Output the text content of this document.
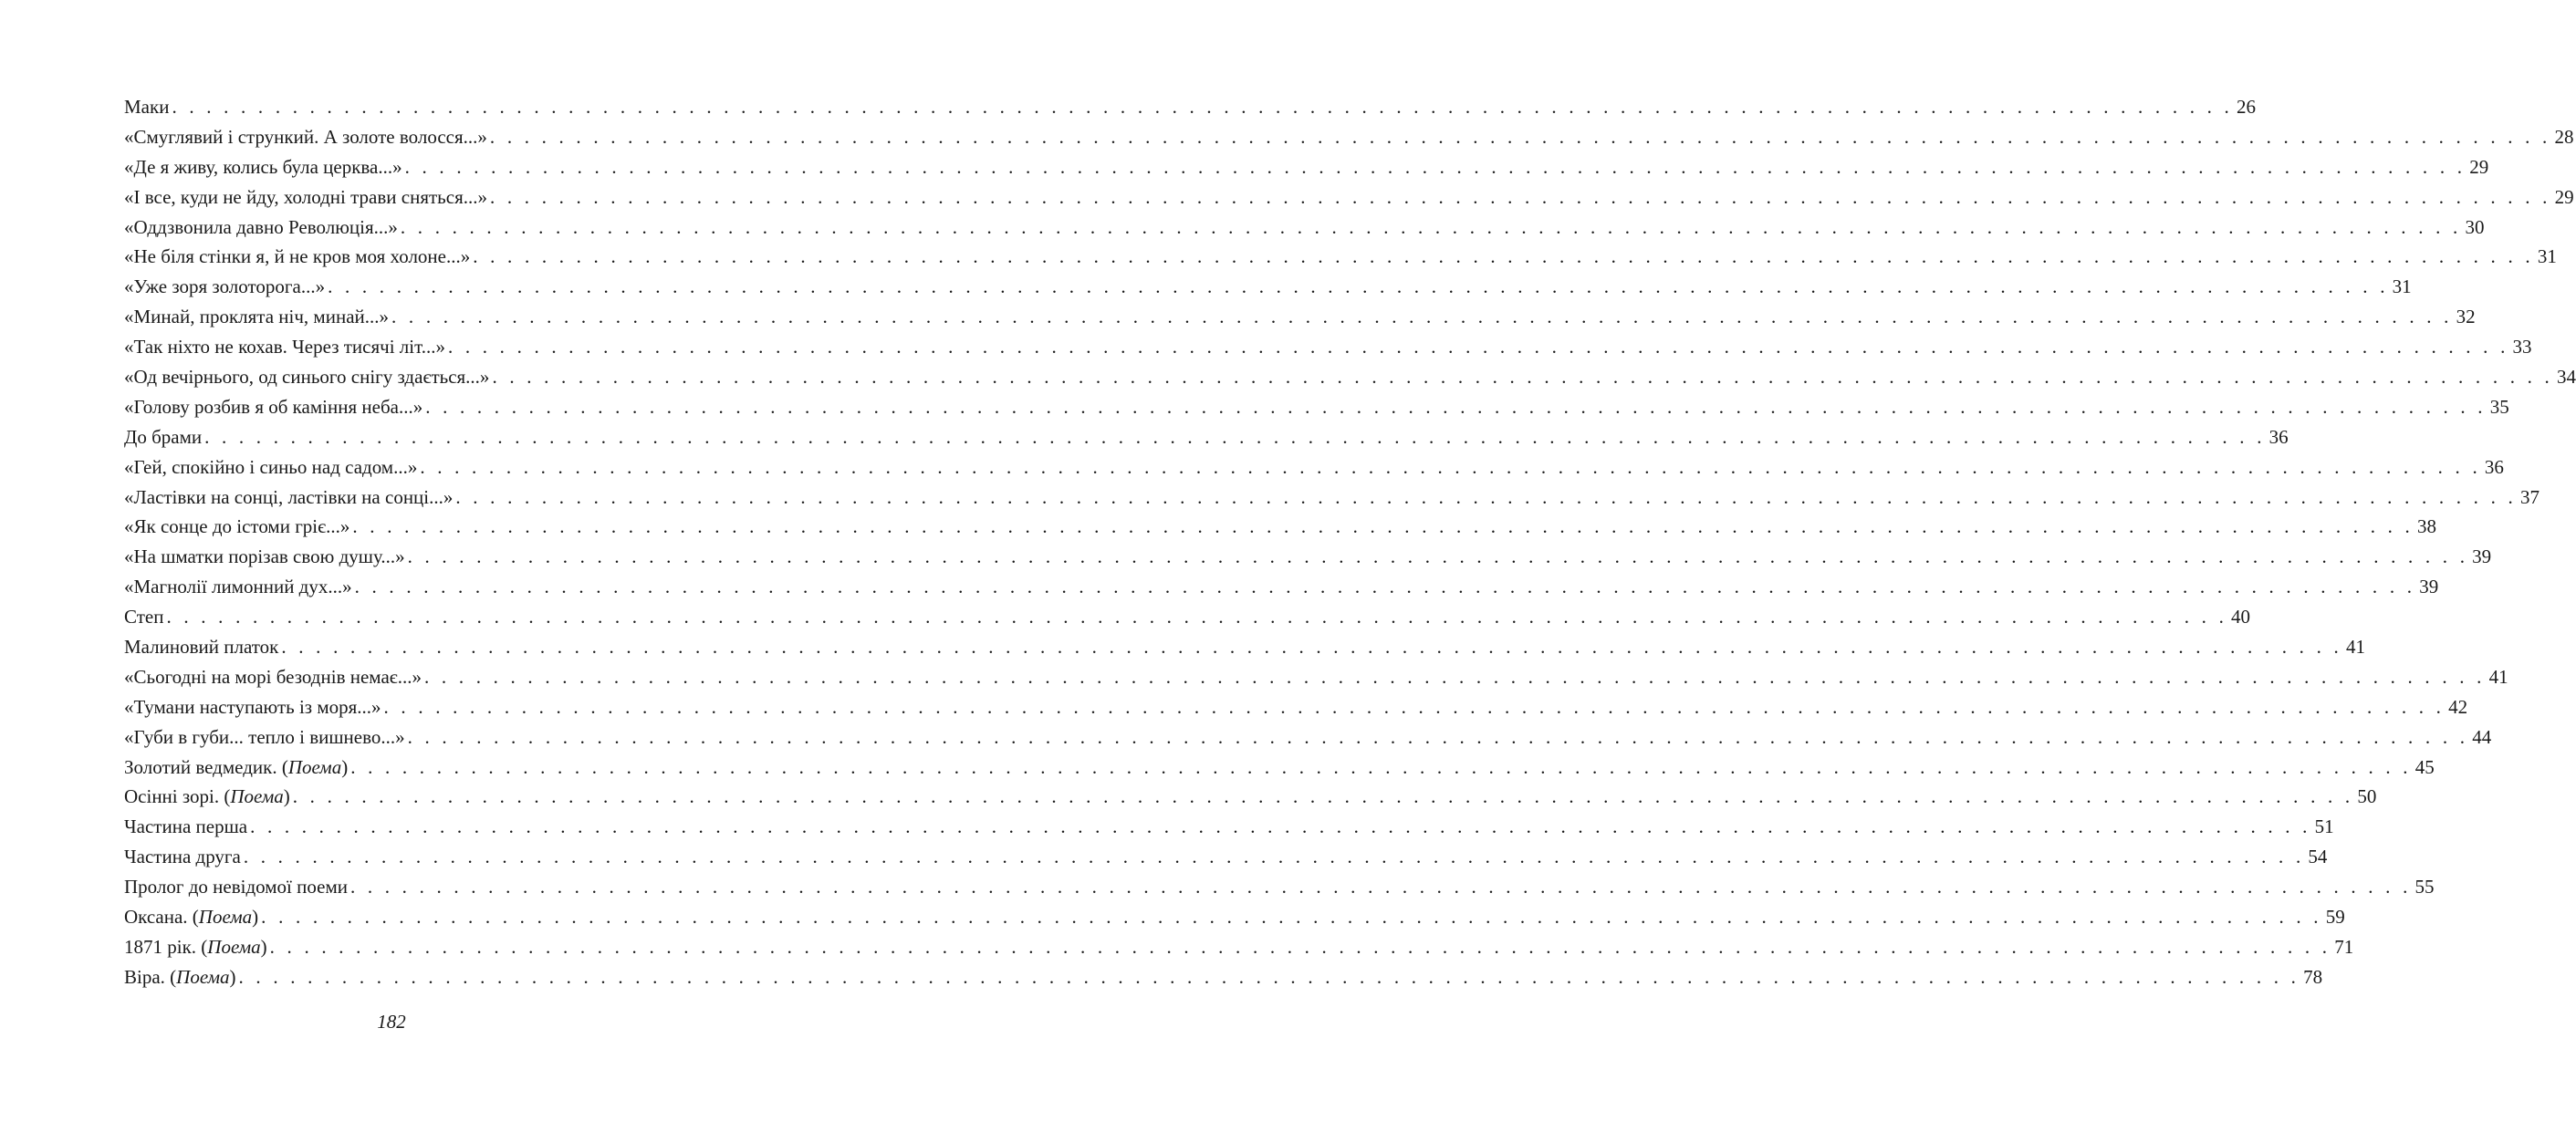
Маки . . . . . . . . . . . . . . . . . . . . . . . . . . . . . . . . . . . . . . . . . . . . . . . . . . . . . . . . . . . . . . . . . . . . . . . . . . . . . . . . . . . . . . . . . . . . . . . . . . . . . . . . . . . . . . . . . . . . . . . . 26
«Смуглявий і стрункий. А золоте волосся...» . . . . . . . . . . . . . . . . . . . . . . . . . . . . . . . . . . . . . . . . . . . . . . . . . . . . . . . . . . . . . . . . . . . . . . . . . . . . . . . . . . . . . . . . . . . . . . . . . . . . . . . . . . . . . . . . . . . . . . . . 28
«Де я живу, колись була церква...» . . . . . . . . . . . . . . . . . . . . . . . . . . . . . . . . . . . . . . . . . . . . . . . . . . . . . . . . . . . . . . . . . . . . . . . . . . . . . . . . . . . . . . . . . . . . . . . . . . . . . . . . . . . . . . . . . . . . . . . . 29
«І все, куди не йду, холодні трави сняться...» . . . . . . . . . . . . . . . . . . . . . . . . . . . . . . . . . . . . . . . . . . . . . . . . . . . . . . . . . . . . . . . . . . . . . . . . . . . . . . . . . . . . . . . . . . . . . . . . . . . . . . . . . . . . . . . . . . . . . . . . 29
«Оддзвонила давно Революція...» . . . . . . . . . . . . . . . . . . . . . . . . . . . . . . . . . . . . . . . . . . . . . . . . . . . . . . . . . . . . . . . . . . . . . . . . . . . . . . . . . . . . . . . . . . . . . . . . . . . . . . . . . . . . . . . . . . . . . . . . 30
«Не біля стінки я, й не кров моя холоне...» . . . . . . . . . . . . . . . . . . . . . . . . . . . . . . . . . . . . . . . . . . . . . . . . . . . . . . . . . . . . . . . . . . . . . . . . . . . . . . . . . . . . . . . . . . . . . . . . . . . . . . . . . . . . . . . . . . . . . . . . 31
«Уже зоря золоторога...» . . . . . . . . . . . . . . . . . . . . . . . . . . . . . . . . . . . . . . . . . . . . . . . . . . . . . . . . . . . . . . . . . . . . . . . . . . . . . . . . . . . . . . . . . . . . . . . . . . . . . . . . . . . . . . . . . . . . . . . . 31
«Минай, проклята ніч, минай...» . . . . . . . . . . . . . . . . . . . . . . . . . . . . . . . . . . . . . . . . . . . . . . . . . . . . . . . . . . . . . . . . . . . . . . . . . . . . . . . . . . . . . . . . . . . . . . . . . . . . . . . . . . . . . . . . . . . . . . . . 32
«Так ніхто не кохав. Через тисячі літ...» . . . . . . . . . . . . . . . . . . . . . . . . . . . . . . . . . . . . . . . . . . . . . . . . . . . . . . . . . . . . . . . . . . . . . . . . . . . . . . . . . . . . . . . . . . . . . . . . . . . . . . . . . . . . . . . . . . . . . . . . 33
«Од вечірнього, од синього снігу здається...» . . . . . . . . . . . . . . . . . . . . . . . . . . . . . . . . . . . . . . . . . . . . . . . . . . . . . . . . . . . . . . . . . . . . . . . . . . . . . . . . . . . . . . . . . . . . . . . . . . . . . . . . . . . . . . . . . . . . . . . . 34
«Голову розбив я об каміння неба...» . . . . . . . . . . . . . . . . . . . . . . . . . . . . . . . . . . . . . . . . . . . . . . . . . . . . . . . . . . . . . . . . . . . . . . . . . . . . . . . . . . . . . . . . . . . . . . . . . . . . . . . . . . . . . . . . . . . . . . . . 35
До брами . . . . . . . . . . . . . . . . . . . . . . . . . . . . . . . . . . . . . . . . . . . . . . . . . . . . . . . . . . . . . . . . . . . . . . . . . . . . . . . . . . . . . . . . . . . . . . . . . . . . . . . . . . . . . . . . . . . . . . . . 36
«Гей, спокійно і синьо над садом...» . . . . . . . . . . . . . . . . . . . . . . . . . . . . . . . . . . . . . . . . . . . . . . . . . . . . . . . . . . . . . . . . . . . . . . . . . . . . . . . . . . . . . . . . . . . . . . . . . . . . . . . . . . . . . . . . . . . . . . . . 36
«Ластівки на сонці, ластівки на сонці...» . . . . . . . . . . . . . . . . . . . . . . . . . . . . . . . . . . . . . . . . . . . . . . . . . . . . . . . . . . . . . . . . . . . . . . . . . . . . . . . . . . . . . . . . . . . . . . . . . . . . . . . . . . . . . . . . . . . . . . . . 37
«Як сонце до істоми гріє...» . . . . . . . . . . . . . . . . . . . . . . . . . . . . . . . . . . . . . . . . . . . . . . . . . . . . . . . . . . . . . . . . . . . . . . . . . . . . . . . . . . . . . . . . . . . . . . . . . . . . . . . . . . . . . . . . . . . . . . . . 38
«На шматки порізав свою душу...» . . . . . . . . . . . . . . . . . . . . . . . . . . . . . . . . . . . . . . . . . . . . . . . . . . . . . . . . . . . . . . . . . . . . . . . . . . . . . . . . . . . . . . . . . . . . . . . . . . . . . . . . . . . . . . . . . . . . . . . . 39
«Магнолії лимонний дух...» . . . . . . . . . . . . . . . . . . . . . . . . . . . . . . . . . . . . . . . . . . . . . . . . . . . . . . . . . . . . . . . . . . . . . . . . . . . . . . . . . . . . . . . . . . . . . . . . . . . . . . . . . . . . . . . . . . . . . . . . 39
Степ . . . . . . . . . . . . . . . . . . . . . . . . . . . . . . . . . . . . . . . . . . . . . . . . . . . . . . . . . . . . . . . . . . . . . . . . . . . . . . . . . . . . . . . . . . . . . . . . . . . . . . . . . . . . . . . . . . . . . . . . 40
Малиновий платок . . . . . . . . . . . . . . . . . . . . . . . . . . . . . . . . . . . . . . . . . . . . . . . . . . . . . . . . . . . . . . . . . . . . . . . . . . . . . . . . . . . . . . . . . . . . . . . . . . . . . . . . . . . . . . . . . . . . . . . . 41
«Сьогодні на морі безоднів немає...» . . . . . . . . . . . . . . . . . . . . . . . . . . . . . . . . . . . . . . . . . . . . . . . . . . . . . . . . . . . . . . . . . . . . . . . . . . . . . . . . . . . . . . . . . . . . . . . . . . . . . . . . . . . . . . . . . . . . . . . . 41
«Тумани наступають із моря...» . . . . . . . . . . . . . . . . . . . . . . . . . . . . . . . . . . . . . . . . . . . . . . . . . . . . . . . . . . . . . . . . . . . . . . . . . . . . . . . . . . . . . . . . . . . . . . . . . . . . . . . . . . . . . . . . . . . . . . . . 42
«Губи в губи... тепло і вишнево...» . . . . . . . . . . . . . . . . . . . . . . . . . . . . . . . . . . . . . . . . . . . . . . . . . . . . . . . . . . . . . . . . . . . . . . . . . . . . . . . . . . . . . . . . . . . . . . . . . . . . . . . . . . . . . . . . . . . . . . . . 44
Золотий ведмедик. (Поема) . . . . . . . . . . . . . . . . . . . . . . . . . . . . . . . . . . . . . . . . . . . . . . . . . . . . . . . . . . . . . . . . . . . . . . . . . . . . . . . . . . . . . . . . . . . . . . . . . . . . . . . . . . . . . . . . . . . . . . . . 45
Осінні зорі. (Поема) . . . . . . . . . . . . . . . . . . . . . . . . . . . . . . . . . . . . . . . . . . . . . . . . . . . . . . . . . . . . . . . . . . . . . . . . . . . . . . . . . . . . . . . . . . . . . . . . . . . . . . . . . . . . . . . . . . . . . . . . 50
Частина перша . . . . . . . . . . . . . . . . . . . . . . . . . . . . . . . . . . . . . . . . . . . . . . . . . . . . . . . . . . . . . . . . . . . . . . . . . . . . . . . . . . . . . . . . . . . . . . . . . . . . . . . . . . . . . . . . . . . . . . . . 51
Частина друга . . . . . . . . . . . . . . . . . . . . . . . . . . . . . . . . . . . . . . . . . . . . . . . . . . . . . . . . . . . . . . . . . . . . . . . . . . . . . . . . . . . . . . . . . . . . . . . . . . . . . . . . . . . . . . . . . . . . . . . . 54
Пролог до невідомої поеми . . . . . . . . . . . . . . . . . . . . . . . . . . . . . . . . . . . . . . . . . . . . . . . . . . . . . . . . . . . . . . . . . . . . . . . . . . . . . . . . . . . . . . . . . . . . . . . . . . . . . . . . . . . . . . . . . . . . . . . . 55
Оксана. (Поема) . . . . . . . . . . . . . . . . . . . . . . . . . . . . . . . . . . . . . . . . . . . . . . . . . . . . . . . . . . . . . . . . . . . . . . . . . . . . . . . . . . . . . . . . . . . . . . . . . . . . . . . . . . . . . . . . . . . . . . . . 59
1871 рік. (Поема) . . . . . . . . . . . . . . . . . . . . . . . . . . . . . . . . . . . . . . . . . . . . . . . . . . . . . . . . . . . . . . . . . . . . . . . . . . . . . . . . . . . . . . . . . . . . . . . . . . . . . . . . . . . . . . . . . . . . . . . . 71
Віра. (Поема) . . . . . . . . . . . . . . . . . . . . . . . . . . . . . . . . . . . . . . . . . . . . . . . . . . . . . . . . . . . . . . . . . . . . . . . . . . . . . . . . . . . . . . . . . . . . . . . . . . . . . . . . . . . . . . . . . . . . . . . . 78
182
